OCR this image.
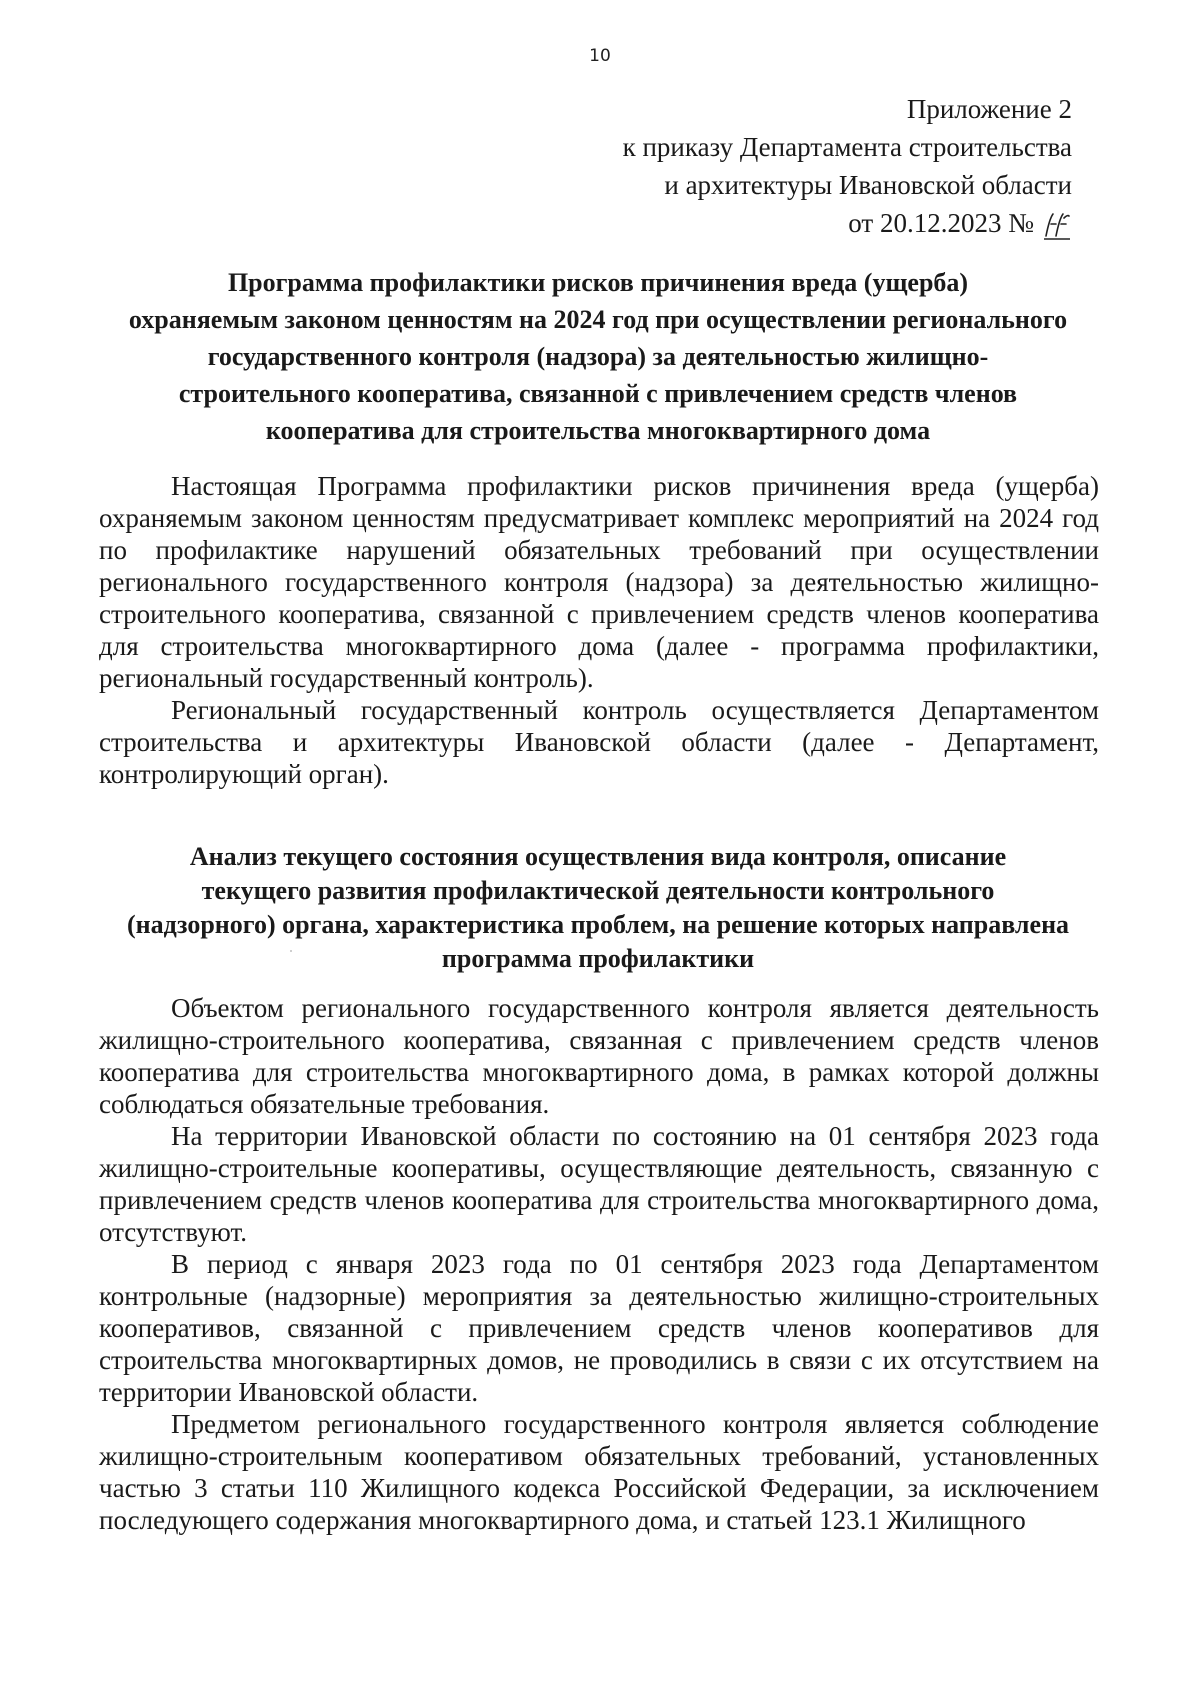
10
Приложение 2
к приказу Департамента строительства
и архитектуры Ивановской области
от 20.12.2023 №
Программа профилактики рисков причинения вреда (ущерба)
охраняемым законом ценностям на 2024 год при осуществлении регионального
государственного контроля (надзора) за деятельностью жилищно-
строительного кооператива, связанной с привлечением средств членов
кооператива для строительства многоквартирного дома

Настоящая Программа профилактики рисков причинения вреда (ущерба) охраняемым законом ценностям предусматривает комплекс мероприятий на 2024 год по профилактике нарушений обязательных требований при осуществлении регионального государственного контроля (надзора) за деятельностью жилищно-строительного кооператива, связанной с привлечением средств членов кооператива для строительства многоквартирного дома (далее - программа профилактики, региональный государственный контроль).

Региональный государственный контроль осуществляется Департаментом строительства и архитектуры Ивановской области (далее - Департамент, контролирующий орган).

Анализ текущего состояния осуществления вида контроля, описание
текущего развития профилактической деятельности контрольного
(надзорного) органа, характеристика проблем, на решение которых направлена
программа профилактики

Объектом регионального государственного контроля является деятельность жилищно-строительного кооператива, связанная с привлечением средств членов кооператива для строительства многоквартирного дома, в рамках которой должны соблюдаться обязательные требования.

На территории Ивановской области по состоянию на 01 сентября 2023 года жилищно-строительные кооперативы, осуществляющие деятельность, связанную с привлечением средств членов кооператива для строительства многоквартирного дома, отсутствуют.

В период с января 2023 года по 01 сентября 2023 года Департаментом контрольные (надзорные) мероприятия за деятельностью жилищно-строительных кооперативов, связанной с привлечением средств членов кооперативов для строительства многоквартирных домов, не проводились в связи с их отсутствием на территории Ивановской области.

Предметом регионального государственного контроля является соблюдение жилищно-строительным кооперативом обязательных требований, установленных частью 3 статьи 110 Жилищного кодекса Российской Федерации, за исключением последующего содержания многоквартирного дома, и статьей 123.1 Жилищного
